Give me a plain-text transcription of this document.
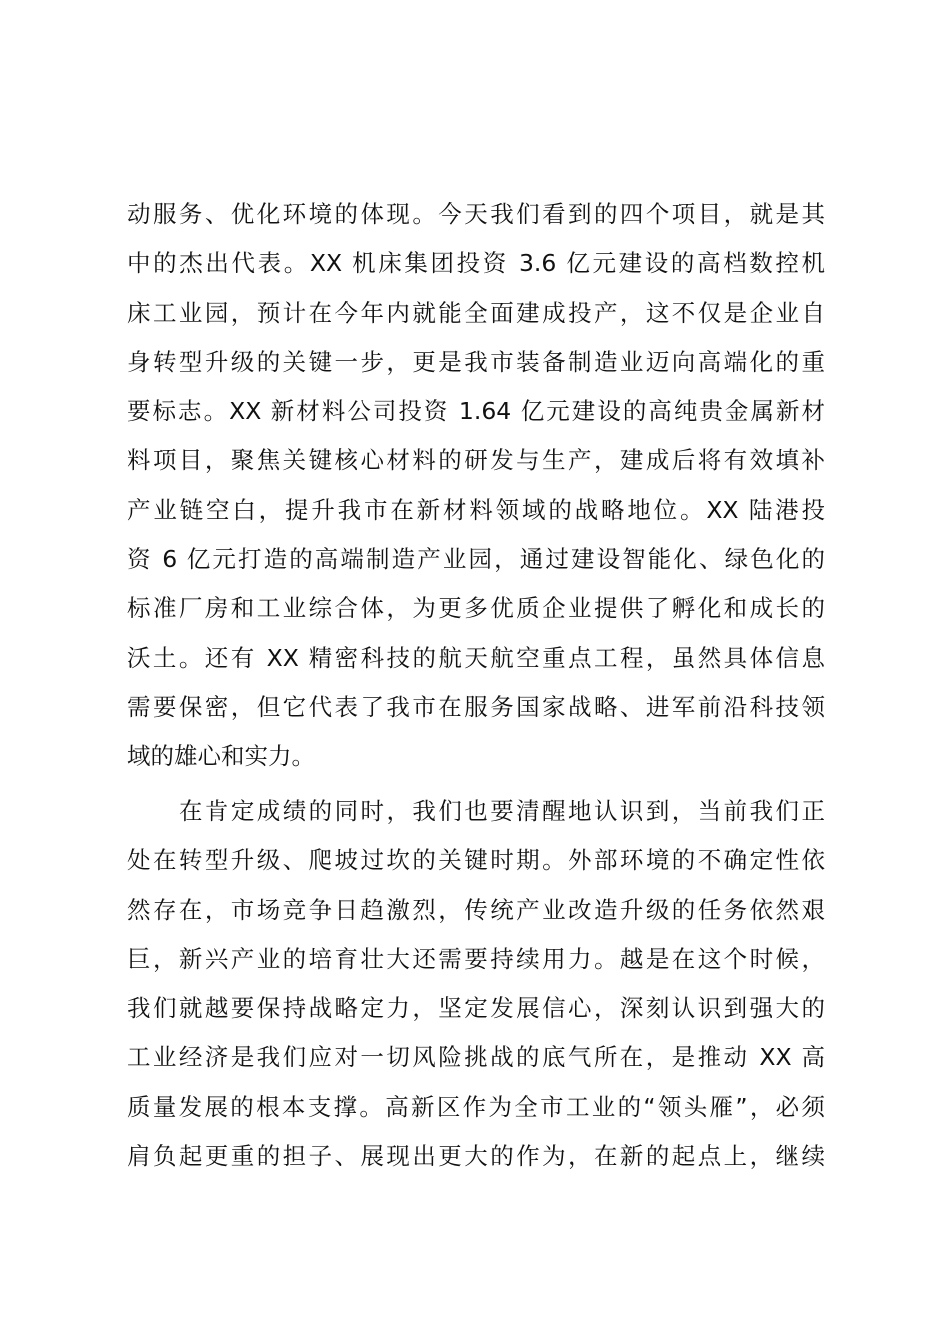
动服务、优化环境的体现。今天我们看到的四个项目，就是其
中的杰出代表。XX 机床集团投资 3.6 亿元建设的高档数控机
床工业园，预计在今年内就能全面建成投产，这不仅是企业自
身转型升级的关键一步，更是我市装备制造业迈向高端化的重
要标志。XX 新材料公司投资 1.64 亿元建设的高纯贵金属新材
料项目，聚焦关键核心材料的研发与生产，建成后将有效填补
产业链空白，提升我市在新材料领域的战略地位。XX 陆港投
资 6 亿元打造的高端制造产业园，通过建设智能化、绿色化的
标准厂房和工业综合体，为更多优质企业提供了孵化和成长的
沃土。还有 XX 精密科技的航天航空重点工程，虽然具体信息
需要保密，但它代表了我市在服务国家战略、进军前沿科技领
域的雄心和实力。
在肯定成绩的同时，我们也要清醒地认识到，当前我们正
处在转型升级、爬坡过坎的关键时期。外部环境的不确定性依
然存在，市场竞争日趋激烈，传统产业改造升级的任务依然艰
巨，新兴产业的培育壮大还需要持续用力。越是在这个时候，
我们就越要保持战略定力，坚定发展信心，深刻认识到强大的
工业经济是我们应对一切风险挑战的底气所在，是推动 XX 高
质量发展的根本支撑。高新区作为全市工业的“领头雁”，必须
肩负起更重的担子、展现出更大的作为，在新的起点上，继续
